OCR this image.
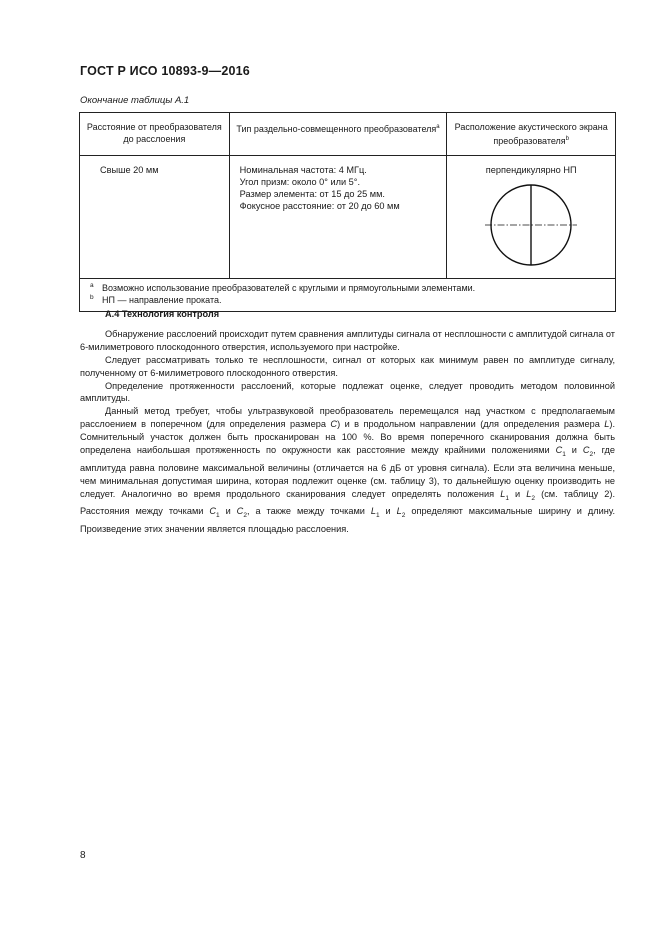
ГОСТ Р ИСО 10893-9—2016
Окончание таблицы А.1
Расстояние от преобразователя до расслоения	Тип раздельно-совмещенного преобразователя$^a$	Расположение акустического экрана преобразователя$^b$
Свыше 20 мм	Номинальная частота: 4 МГц.
Угол призм: около 0° или 5°.
Размер элемента: от 15 до 25 мм.
Фокусное расстояние: от 20 до 60 мм	перпендикулярно НП

a Возможно использование преобразователей с круглыми и прямоугольными элементами.
b НП — направление проката.		
А.4 Технология контроля

Обнаружение расслоений происходит путем сравнения амплитуды сигнала от несплошности с амплитудой сигнала от 6-милиметрового плоскодонного отверстия, используемого при настройке.

Следует рассматривать только те несплошности, сигнал от которых как минимум равен по амплитуде сигналу, полученному от 6-милиметрового плоскодонного отверстия.

Определение протяженности расслоений, которые подлежат оценке, следует проводить методом половинной амплитуды.

Данный метод требует, чтобы ультразвуковой преобразователь перемещался над участком с предполагаемым расслоением в поперечном (для определения размера С) и в продольном направлении (для определения размера L). Сомнительный участок должен быть просканирован на 100 %. Во время поперечного сканирования должна быть определена наибольшая протяженность по окружности как расстояние между крайними положениями $C_1$ и $C_2$, где амплитуда равна половине максимальной величины (отличается на 6 дБ от уровня сигнала). Если эта величина меньше, чем минимальная допустимая ширина, которая подлежит оценке (см. таблицу 3), то дальнейшую оценку производить не следует. Аналогично во время продольного сканирования следует определять положения $L_1$ и $L_2$ (см. таблицу 2). Расстояния между точками $C_1$ и $C_2$, а также между точками $L_1$ и $L_2$ определяют максимальные ширину и длину. Произведение этих значении является площадью расслоения.

8
